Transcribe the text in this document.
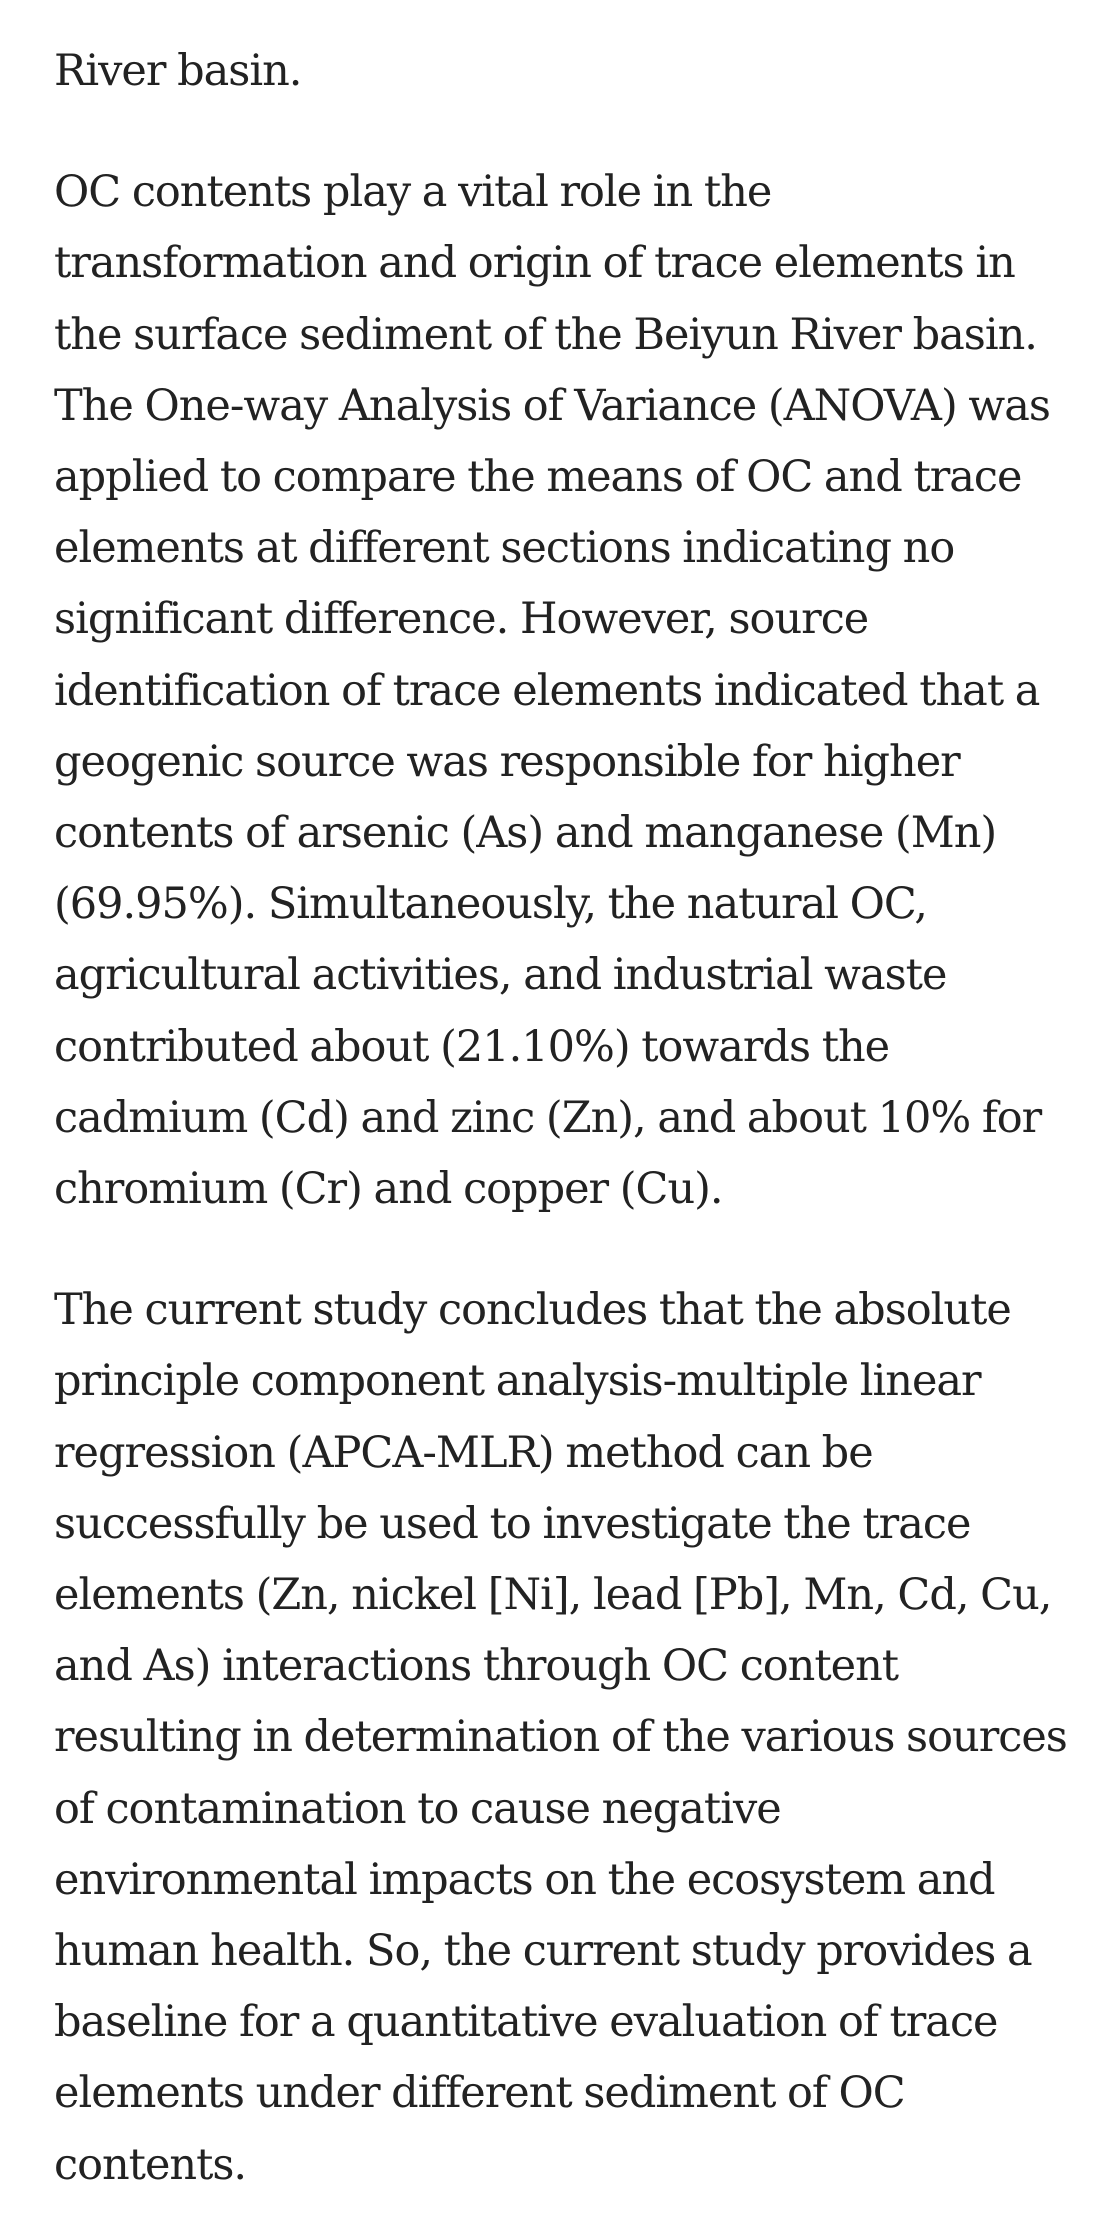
River basin.

OC contents play a vital role in the transformation and origin of trace elements in the surface sediment of the Beiyun River basin. The One-way Analysis of Variance (ANOVA) was applied to compare the means of OC and trace elements at different sections indicating no significant difference. However, source identification of trace elements indicated that a geogenic source was responsible for higher contents of arsenic (As) and manganese (Mn) (69.95%). Simultaneously, the natural OC, agricultural activities, and industrial waste contributed about (21.10%) towards the cadmium (Cd) and zinc (Zn), and about 10% for chromium (Cr) and copper (Cu).

The current study concludes that the absolute principle component analysis-multiple linear regression (APCA-MLR) method can be successfully be used to investigate the trace elements (Zn, nickel [Ni], lead [Pb], Mn, Cd, Cu, and As) interactions through OC content resulting in determination of the various sources of contamination to cause negative environmental impacts on the ecosystem and human health. So, the current study provides a baseline for a quantitative evaluation of trace elements under different sediment of OC contents.
